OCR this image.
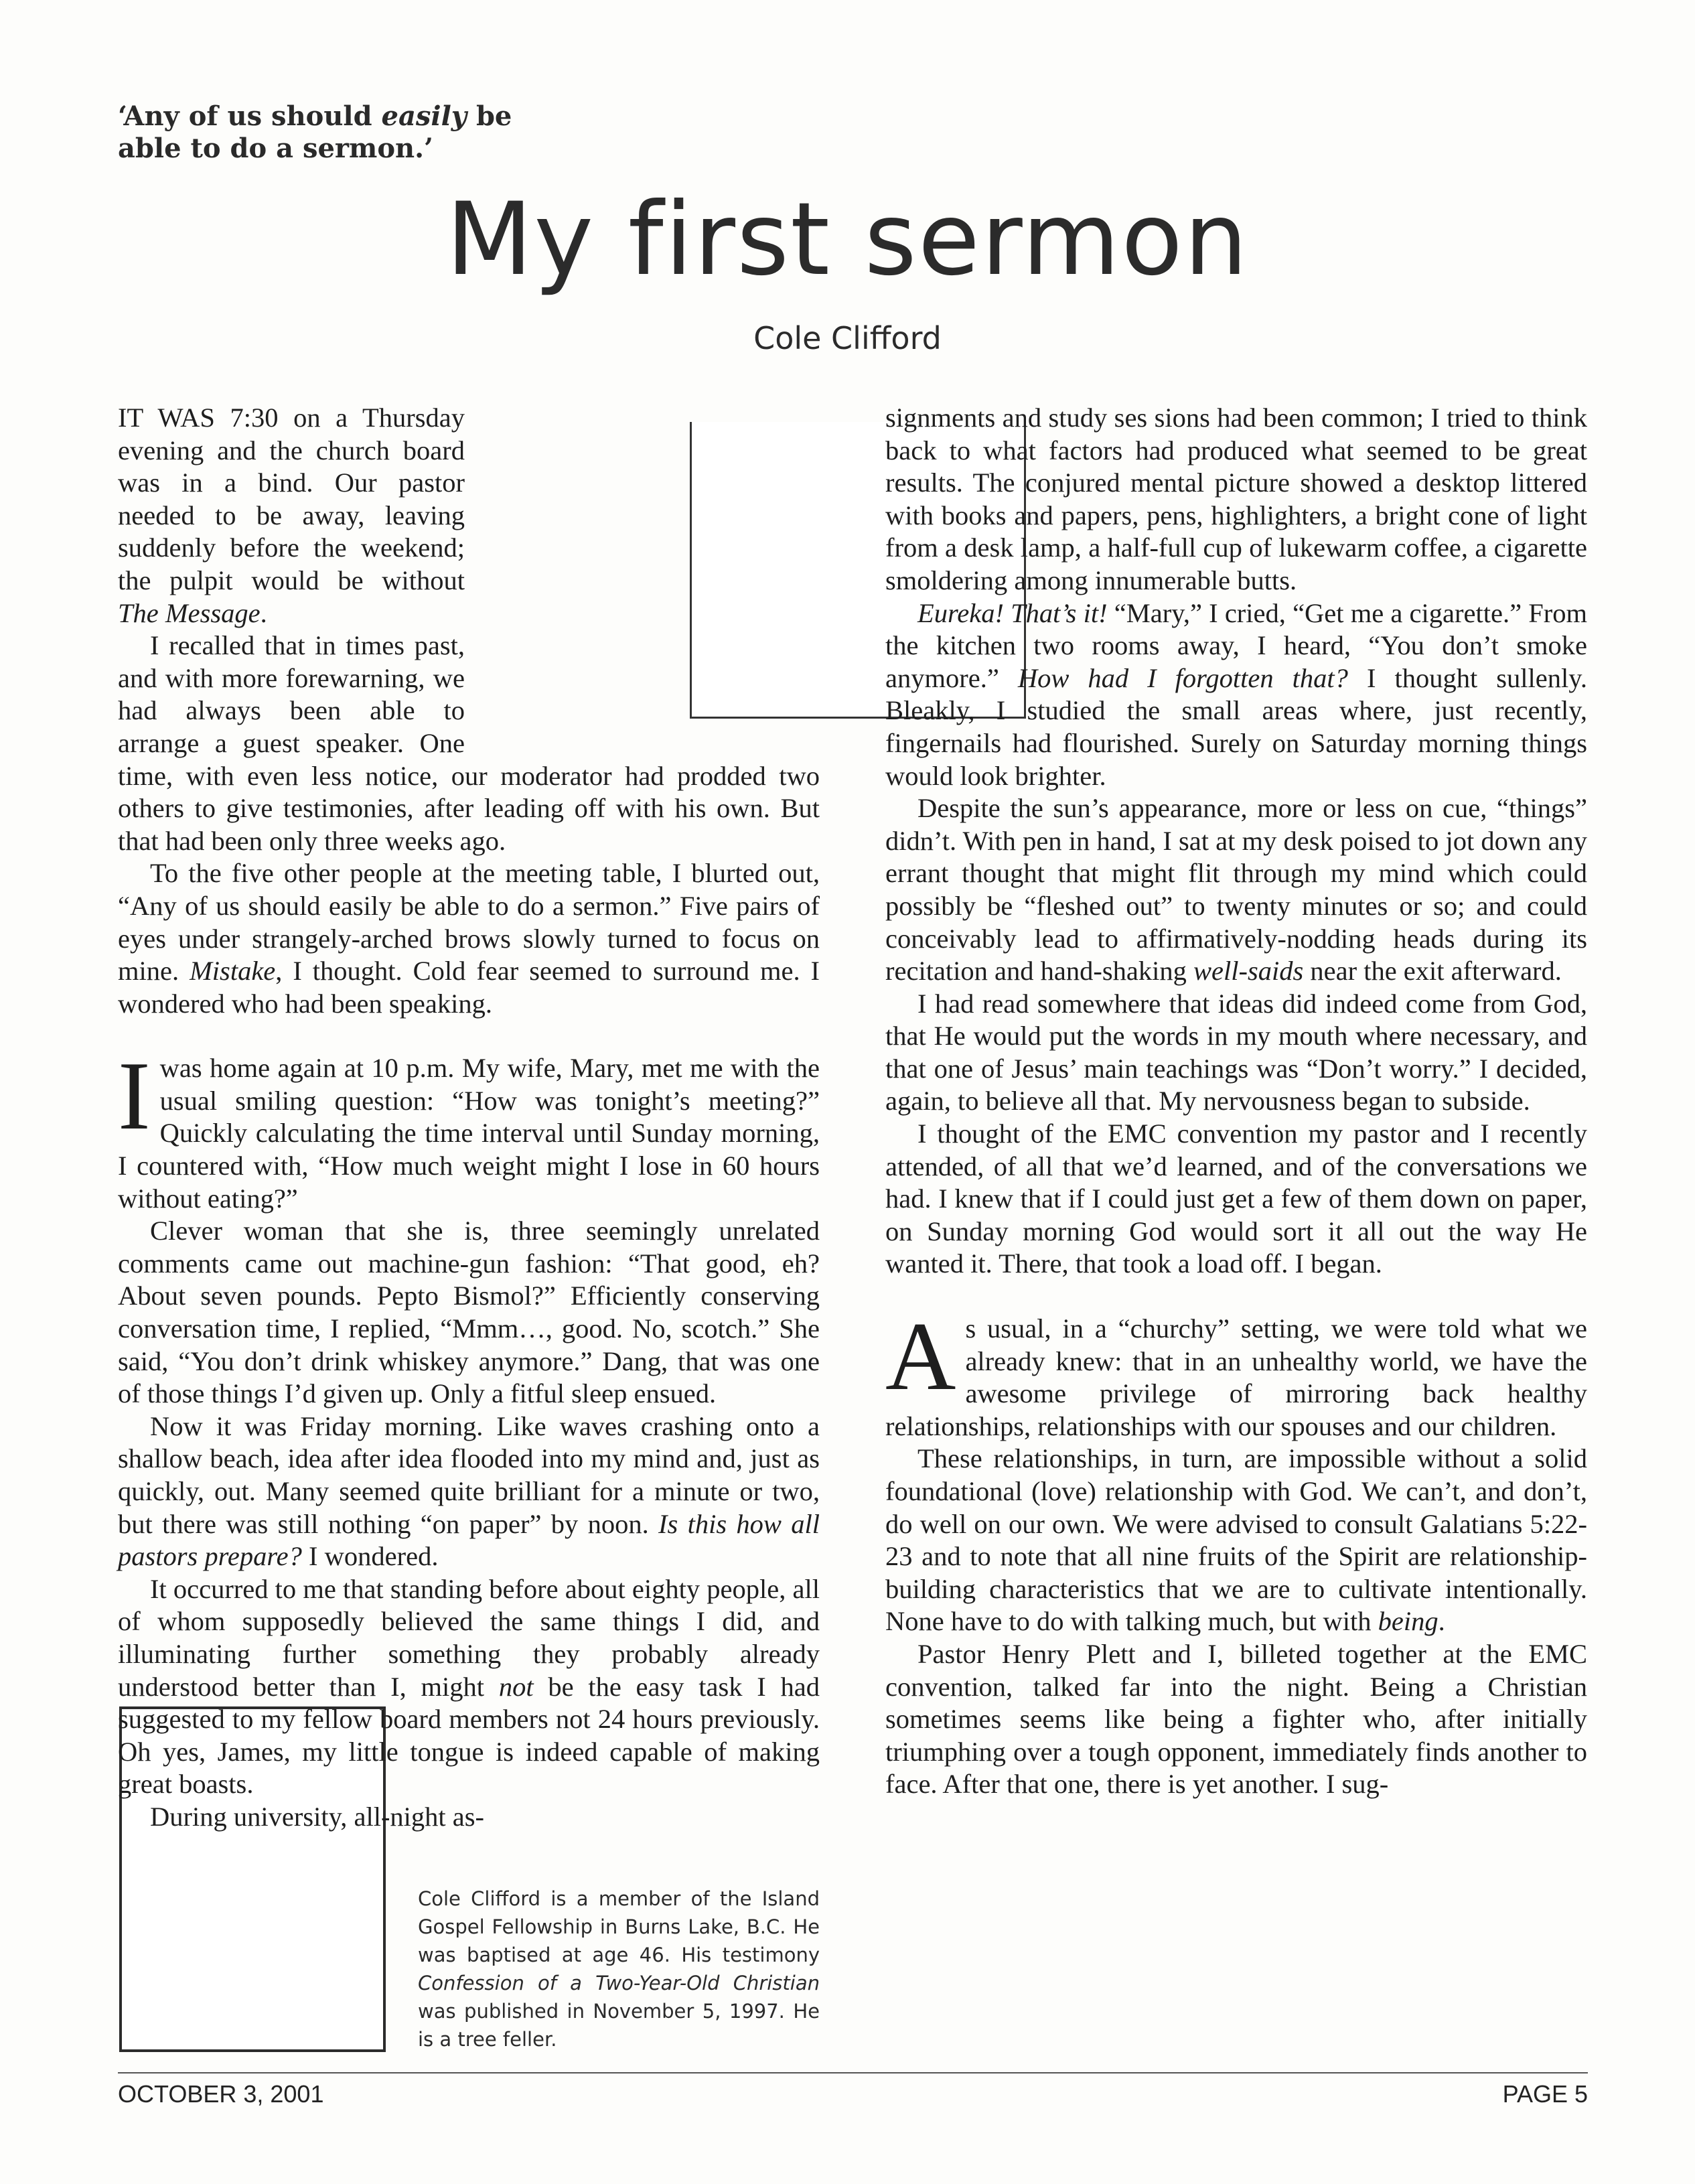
‘Any of us should easily be able to do a sermon.’
My first sermon
Cole Clifford

IT WAS 7:30 on a Thursday evening and the church board was in a bind. Our pastor needed to be away, leaving suddenly before the weekend; the pulpit would be without The Message.

I recalled that in times past, and with more forewarning, we had always been able to arrange a guest speaker. One time, with even less notice, our moderator had prodded two others to give testimonies, after leading off with his own. But that had been only three weeks ago.

To the five other people at the meeting table, I blurted out, “Any of us should easily be able to do a sermon.” Five pairs of eyes under strangely-arched brows slowly turned to focus on mine. Mistake, I thought. Cold fear seemed to surround me. I wondered who had been speaking.

Iwas home again at 10 p.m. My wife, Mary, met me with the usual smiling question: “How was tonight’s meeting?” Quickly calculating the time interval until Sunday morning, I countered with, “How much weight might I lose in 60 hours without eating?”

Clever woman that she is, three seemingly unrelated comments came out machine-gun fashion: “That good, eh? About seven pounds. Pepto Bismol?” Efficiently conserving conversation time, I replied, “Mmm…, good. No, scotch.” She said, “You don’t drink whiskey anymore.” Dang, that was one of those things I’d given up. Only a fitful sleep ensued.

Now it was Friday morning. Like waves crashing onto a shallow beach, idea after idea flooded into my mind and, just as quickly, out. Many seemed quite brilliant for a minute or two, but there was still nothing “on paper” by noon. Is this how all pastors prepare? I wondered.

It occurred to me that standing before about eighty people, all of whom supposedly believed the same things I did, and illuminating further something they probably already understood better than I, might not be the easy task I had suggested to my fellow board members not 24 hours previously. Oh yes, James, my little tongue is indeed capable of making great boasts.

During university, all-night as-

signments and study ses sions had been common; I tried to think back to what factors had produced what seemed to be great results. The conjured mental picture showed a desktop littered with books and papers, pens, highlighters, a bright cone of light from a desk lamp, a half-full cup of lukewarm coffee, a cigarette smoldering among innumerable butts.

Eureka! That’s it! “Mary,” I cried, “Get me a cigarette.” From the kitchen two rooms away, I heard, “You don’t smoke anymore.” How had I forgotten that? I thought sullenly. Bleakly, I studied the small areas where, just recently, fingernails had flourished. Surely on Saturday morning things would look brighter.

Despite the sun’s appearance, more or less on cue, “things” didn’t. With pen in hand, I sat at my desk poised to jot down any errant thought that might flit through my mind which could possibly be “fleshed out” to twenty minutes or so; and could conceivably lead to affirmatively-nodding heads during its recitation and hand-shaking well-saids near the exit afterward.

I had read somewhere that ideas did indeed come from God, that He would put the words in my mouth where necessary, and that one of Jesus’ main teachings was “Don’t worry.” I decided, again, to believe all that. My nervousness began to subside.

I thought of the EMC convention my pastor and I recently attended, of all that we’d learned, and of the conversations we had. I knew that if I could just get a few of them down on paper, on Sunday morning God would sort it all out the way He wanted it. There, that took a load off. I began.

As usual, in a “churchy” setting, we were told what we already knew: that in an unhealthy world, we have the awesome privilege of mirroring back healthy relationships, relationships with our spouses and our children.

These relationships, in turn, are impossible without a solid foundational (love) relationship with God. We can’t, and don’t, do well on our own. We were advised to consult Galatians 5:22-23 and to note that all nine fruits of the Spirit are relationship-building characteristics that we are to cultivate intentionally. None have to do with talking much, but with being.

Pastor Henry Plett and I, billeted together at the EMC convention, talked far into the night. Being a Christian sometimes seems like being a fighter who, after initially triumphing over a tough opponent, immediately finds another to face. After that one, there is yet another. I sug-

Cole Clifford is a member of the Island Gospel Fellowship in Burns Lake, B.C. He was baptised at age 46. His testimony Confession of a Two-Year-Old Christian was published in November 5, 1997. He is a tree feller.
OCTOBER 3, 2001	PAGE 5
